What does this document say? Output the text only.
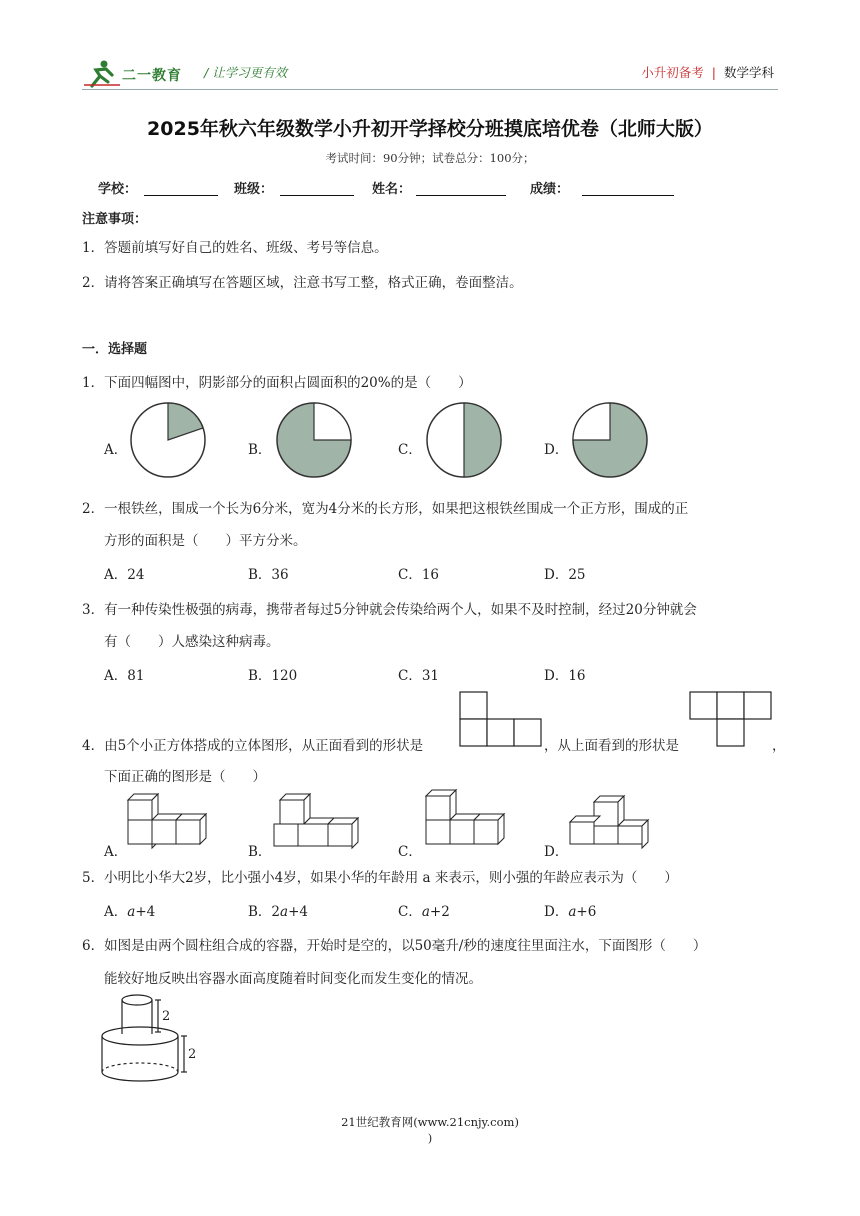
二一教育 / 让学习更有效	小升初备考 | 数学学科
2025年秋六年级数学小升初开学择校分班摸底培优卷（北师大版）
考试时间：90分钟；试卷总分：100分；
学校：	班级：	姓名：	成绩：
注意事项：
1．答题前填写好自己的姓名、班级、考号等信息。
2．请将答案正确填写在答题区域，注意书写工整，格式正确，卷面整洁。
一．选择题
1．下面四幅图中，阴影部分的面积占圆面积的20%的是（　　）
A．	B．	C．	D．
2．一根铁丝，围成一个长为6分米，宽为4分米的长方形，如果把这根铁丝围成一个正方形，围成的正
方形的面积是（　　）平方分米。
A．24	B．36	C．16	D．25
3．有一种传染性极强的病毒，携带者每过5分钟就会传染给两个人，如果不及时控制，经过20分钟就会
有（　　）人感染这种病毒。
A．81	B．120	C．31	D．16
4．由5个小正方体搭成的立体图形，从正面看到的形状是	，从上面看到的形状是	，
下面正确的图形是（　　）
A．	B．	C．	D．
5．小明比小华大2岁，比小强小4岁，如果小华的年龄用 a 来表示，则小强的年龄应表示为（　　）
A．a+4	B．2a+4	C．a+2	D．a+6
6．如图是由两个圆柱组合成的容器，开始时是空的，以50毫升/秒的速度往里面注水，下面图形（　　）
能较好地反映出容器水面高度随着时间变化而发生变化的情况。
2
2
21世纪教育网(www.21cnjy.com)
)
